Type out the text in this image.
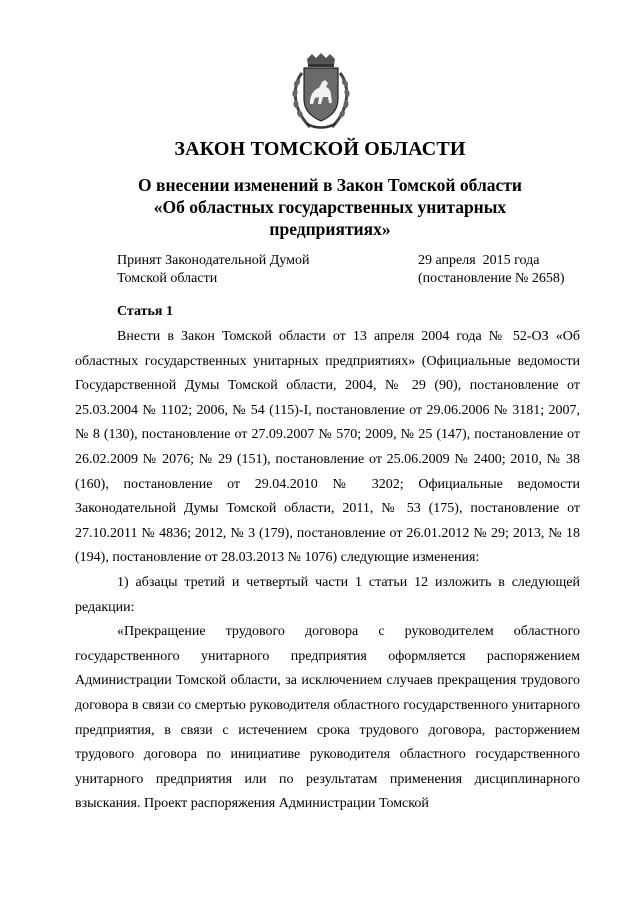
ЗАКОН ТОМСКОЙ ОБЛАСТИ
О внесении изменений в Закон Томской области
«Об областных государственных унитарных
предприятиях»
Принят Законодательной Думой
Томской области
29 апреля  2015 года
(постановление № 2658)
Статья 1

Внести в Закон Томской области от 13 апреля 2004 года № 52-ОЗ «Об областных государственных унитарных предприятиях» (Официальные ведомости Государственной Думы Томской области, 2004, № 29 (90), постановление от 25.03.2004 № 1102; 2006, № 54 (115)-I, постановление от 29.06.2006 № 3181; 2007, № 8 (130), постановление от 27.09.2007 № 570; 2009, № 25 (147), постановление от 26.02.2009 № 2076; № 29 (151), постановление от 25.06.2009 № 2400; 2010, № 38 (160), постановление от 29.04.2010 № 3202; Официальные ведомости Законодательной Думы Томской области, 2011, № 53 (175), постановление от 27.10.2011 № 4836; 2012, № 3 (179), постановление от 26.01.2012 № 29; 2013, № 18 (194), постановление от 28.03.2013 № 1076) следующие изменения:

1) абзацы третий и четвертый части 1 статьи 12 изложить в следующей редакции:

«Прекращение трудового договора с руководителем областного государственного унитарного предприятия оформляется распоряжением Администрации Томской области, за исключением случаев прекращения трудового договора в связи со смертью руководителя областного государственного унитарного предприятия, в связи с истечением срока трудового договора, расторжением трудового договора по инициативе руководителя областного государственного унитарного предприятия или по результатам применения дисциплинарного взыскания. Проект распоряжения Администрации Томской
